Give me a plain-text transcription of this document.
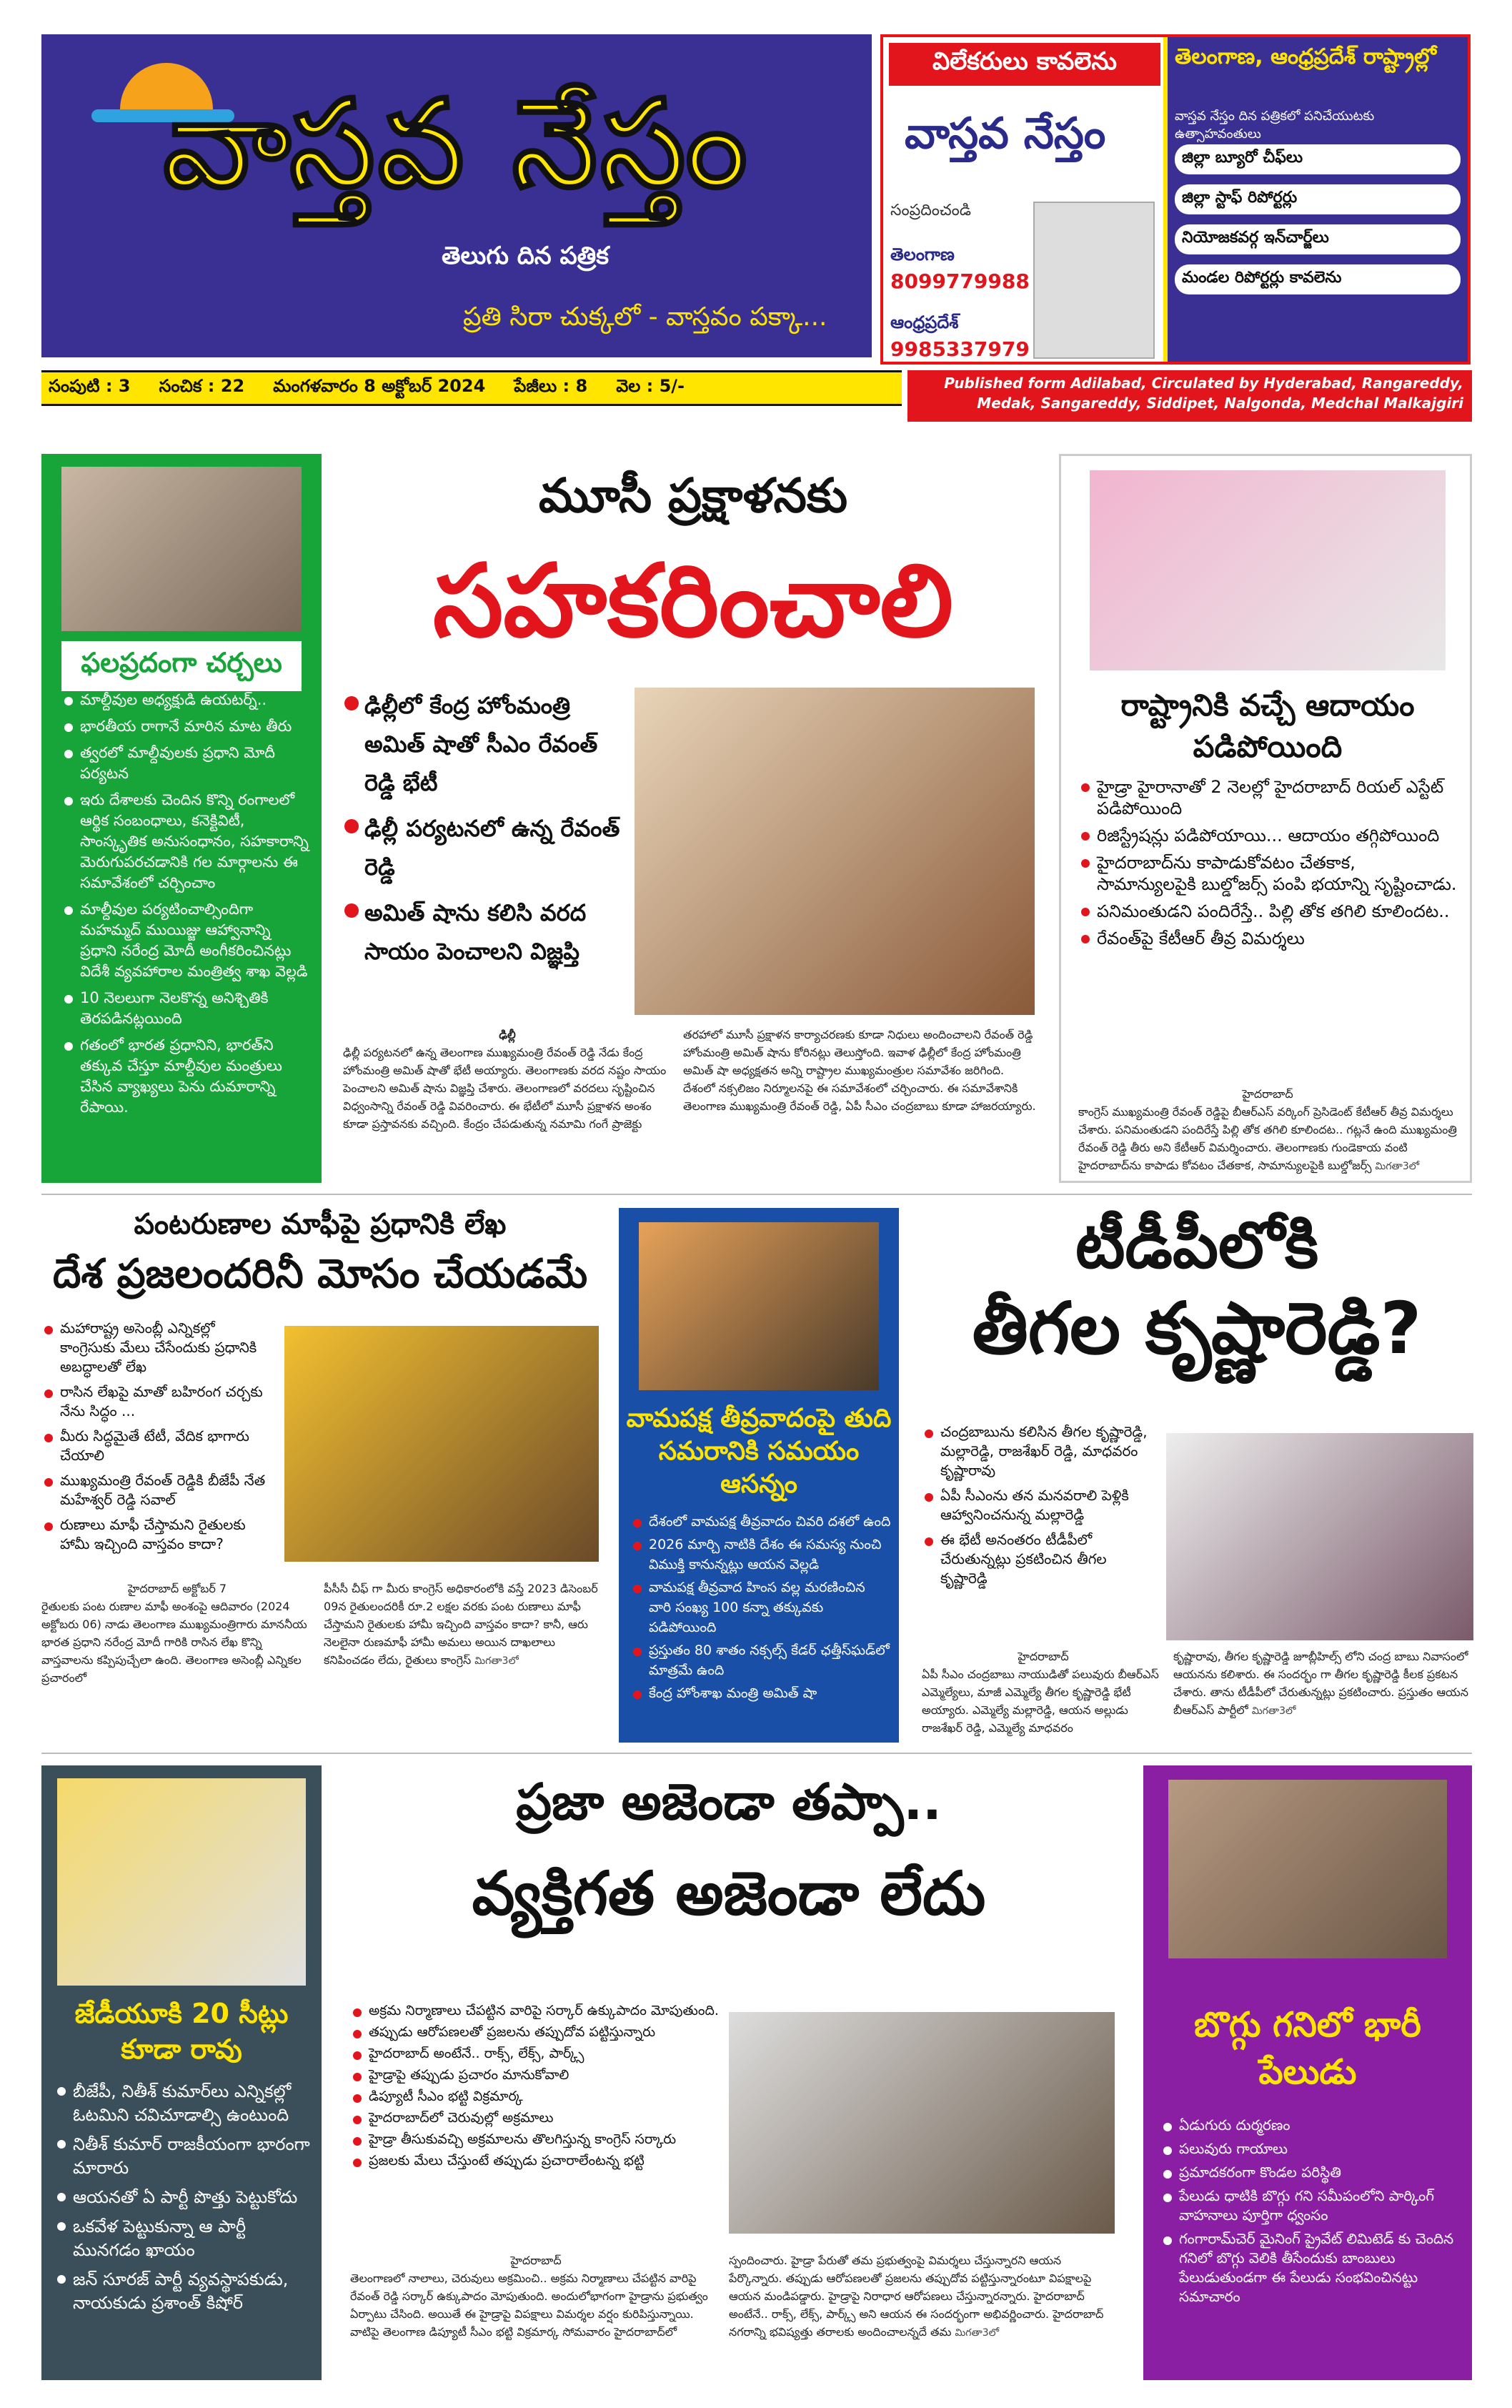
వాస్తవ నేస్తం
తెలుగు దిన పత్రిక
ప్రతి సిరా చుక్కలో - వాస్తవం పక్కా...
విలేకరులు కావలెను
వాస్తవ నేస్తం
సంప్రదించండి
తెలంగాణ
8099779988
ఆంధ్రప్రదేశ్
9985337979
తెలంగాణ, ఆంధ్రప్రదేశ్ రాష్ట్రాల్లో
వాస్తవ నేస్తం దిన పత్రికలో పనిచేయుటకు ఉత్సాహవంతులు
జిల్లా బ్యూరో చీఫ్‌లు
జిల్లా స్టాఫ్ రిపోర్టర్లు
నియోజకవర్గ ఇన్‌చార్జ్‌లు
మండల రిపోర్టర్లు కావలెను
సంపుటి : 3 సంచిక : 22 మంగళవారం 8 అక్టోబర్ 2024 పేజీలు : 8 వెల : 5/-	Published form Adilabad, Circulated by Hyderabad, Rangareddy, Medak, Sangareddy, Siddipet, Nalgonda, Medchal Malkajgiri
ఫలప్రదంగా చర్చలు
మాల్దీవుల అధ్యక్షుడి ఉయటర్న్..
భారతీయ రాగానే మారిన మాట తీరు
త్వరలో మాల్దీవులకు ప్రధాని మోదీ పర్యటన
ఇరు దేశాలకు చెందిన కొన్ని రంగాలలో ఆర్థిక సంబంధాలు, కనెక్టివిటీ, సాంస్కృతిక అనుసంధానం, సహకారాన్ని మెరుగుపరచడానికి గల మార్గాలను ఈ సమావేశంలో చర్చించాం
మాల్దీవుల పర్యటించాల్సిందిగా మహమ్మద్ ముయిజ్జు ఆహ్వానాన్ని ప్రధాని నరేంద్ర మోదీ అంగీకరించినట్లు విదేశీ వ్యవహారాల మంత్రిత్వ శాఖ వెల్లడి
10 నెలలుగా నెలకొన్న అనిశ్చితికి తెరపడినట్లయింది
గతంలో భారత ప్రధానిని, భారత్‌ని తక్కువ చేస్తూ మాల్దీవుల మంత్రులు చేసిన వ్యాఖ్యలు పెను దుమారాన్ని రేపాయి.
మూసీ ప్రక్షాళనకు
సహకరించాలి
ఢిల్లీలో కేంద్ర హోంమంత్రి అమిత్ షాతో సీఎం రేవంత్ రెడ్డి భేటీ
ఢిల్లీ పర్యటనలో ఉన్న రేవంత్ రెడ్డి
అమిత్ షాను కలిసి వరద సాయం పెంచాలని విజ్ఞప్తి
ఢిల్లీ
ఢిల్లీ పర్యటనలో ఉన్న తెలంగాణ ముఖ్యమంత్రి రేవంత్ రెడ్డి నేడు కేంద్ర హోంమంత్రి అమిత్ షాతో భేటీ అయ్యారు. తెలంగాణకు వరద నష్టం సాయం పెంచాలని అమిత్ షాను విజ్ఞప్తి చేశారు. తెలంగాణలో వరదలు సృష్టించిన విధ్వంసాన్ని రేవంత్ రెడ్డి వివరించారు. ఈ భేటీలో మూసీ ప్రక్షాళన అంశం కూడా ప్రస్తావనకు వచ్చింది. కేంద్రం చేపడుతున్న నమామి గంగే ప్రాజెక్టు
తరహాలో మూసీ ప్రక్షాళన కార్యాచరణకు కూడా నిధులు అందించాలని రేవంత్ రెడ్డి హోంమంత్రి అమిత్ షాను కోరినట్లు తెలుస్తోంది. ఇవాళ ఢిల్లీలో కేంద్ర హోంమంత్రి అమిత్ షా అధ్యక్షతన అన్ని రాష్ట్రాల ముఖ్యమంత్రుల సమావేశం జరిగింది. దేశంలో నక్సలిజం నిర్మూలనపై ఈ సమావేశంలో చర్చించారు. ఈ సమావేశానికి తెలంగాణ ముఖ్యమంత్రి రేవంత్ రెడ్డి, ఏపీ సీఎం చంద్రబాబు కూడా హాజరయ్యారు.
రాష్ట్రానికి వచ్చే ఆదాయం పడిపోయింది
హైడ్రా హైరానాతో 2 నెలల్లో హైదరాబాద్ రియల్ ఎస్టేట్ పడిపోయింది
రిజిస్ట్రేషన్లు పడిపోయాయి... ఆదాయం తగ్గిపోయింది
హైదరాబాద్‌ను కాపాడుకోవటం చేతకాక, సామాన్యులపైకి బుల్డోజర్స్ పంపి భయాన్ని సృష్టించాడు.
పనిమంతుడని పందిరేస్తే.. పిల్లి తోక తగిలి కూలిందట..
రేవంత్‌పై కేటీఆర్ తీవ్ర విమర్శలు
హైదరాబాద్
కాంగ్రెస్ ముఖ్యమంత్రి రేవంత్ రెడ్డిపై బీఆర్ఎస్ వర్కింగ్ ప్రెసిడెంట్ కేటీఆర్ తీవ్ర విమర్శలు చేశారు. పనిమంతుడని పందిరేస్తే పిల్లి తోక తగిలి కూలిందట.. గట్లనే ఉంది ముఖ్యమంత్రి రేవంత్ రెడ్డి తీరు అని కేటీఆర్ విమర్శించారు. తెలంగాణకు గుండెకాయ వంటి హైదరాబాద్‌ను కాపాడు కోవటం చేతకాక, సామాన్యులపైకి బుల్డోజర్స్ మిగతా3లో
పంటరుణాల మాఫీపై ప్రధానికి లేఖ
దేశ ప్రజలందరినీ మోసం చేయడమే
మహారాష్ట్ర అసెంబ్లీ ఎన్నికల్లో కాంగ్రెసుకు మేలు చేసేందుకు ప్రధానికి అబద్ధాలతో లేఖ
రాసిన లేఖపై మాతో బహిరంగ చర్చకు నేను సిద్ధం ...
మీరు సిద్ధమైతే టేటీ, వేదిక భాగారు చేయాలి
ముఖ్యమంత్రి రేవంత్ రెడ్డికి బీజేపీ నేత మహేశ్వర్ రెడ్డి సవాల్
రుణాలు మాఫీ చేస్తామని రైతులకు హామీ ఇచ్చింది వాస్తవం కాదా?
హైదరాబాద్ అక్టోబర్ 7
రైతులకు పంట రుణాల మాఫీ అంశంపై ఆదివారం (2024 అక్టోబరు 06) నాడు తెలంగాణ ముఖ్యమంత్రిగారు మాననీయ భారత ప్రధాని నరేంద్ర మోదీ గారికి రాసిన లేఖ కొన్ని వాస్తవాలను కప్పిపుచ్చేలా ఉంది. తెలంగాణ అసెంబ్లీ ఎన్నికల ప్రచారంలో
పీసీసీ చీఫ్ గా మీరు కాంగ్రెస్ అధికారంలోకి వస్తే 2023 డిసెంబర్ 09న రైతులందరికీ రూ.2 లక్షల వరకు పంట రుణాలు మాఫీ చేస్తామని రైతులకు హామీ ఇచ్చింది వాస్తవం కాదా? కానీ, ఆరు నెలలైనా రుణమాఫీ హామీ అమలు అయిన దాఖలాలు కనిపించడం లేదు, రైతులు కాంగ్రెస్ మిగతా3లో
వామపక్ష తీవ్రవాదంపై తుది సమరానికి సమయం ఆసన్నం
దేశంలో వామపక్ష తీవ్రవాదం చివరి దశలో ఉంది
2026 మార్చి నాటికి దేశం ఈ సమస్య నుంచి విముక్తి కానున్నట్లు ఆయన వెల్లడి
వామపక్ష తీవ్రవాద హింస వల్ల మరణించిన వారి సంఖ్య 100 కన్నా తక్కువకు పడిపోయింది
ప్రస్తుతం 80 శాతం నక్సల్స్ కేడర్ ఛత్తీస్‌ఘడ్‌లో మాత్రమే ఉంది
కేంద్ర హోంశాఖ మంత్రి అమిత్ షా
టీడీపీలోకి
తీగల కృష్ణారెడ్డి?
చంద్రబాబును కలిసిన తీగల కృష్ణారెడ్డి, మల్లారెడ్డి, రాజశేఖర్ రెడ్డి, మాధవరం కృష్ణారావు
ఏపీ సీఎంను తన మనవరాలి పెళ్లికి ఆహ్వానించనున్న మల్లారెడ్డి
ఈ భేటీ అనంతరం టీడీపీలో చేరుతున్నట్లు ప్రకటించిన తీగల కృష్ణారెడ్డి
హైదరాబాద్
ఏపీ సీఎం చంద్రబాబు నాయుడితో పలువురు బీఆర్ఎస్ ఎమ్మెల్యేలు, మాజీ ఎమ్మెల్యే తీగల కృష్ణారెడ్డి భేటీ అయ్యారు. ఎమ్మెల్యే మల్లారెడ్డి, ఆయన అల్లుడు రాజశేఖర్ రెడ్డి, ఎమ్మెల్యే మాధవరం
కృష్ణారావు, తీగల కృష్ణారెడ్డి జూబ్లీహిల్స్ లోని చంద్ర బాబు నివాసంలో ఆయనను కలిశారు. ఈ సందర్భం గా తీగల కృష్ణారెడ్డి కీలక ప్రకటన చేశారు. తాను టీడీపీలో చేరుతున్నట్లు ప్రకటించారు. ప్రస్తుతం ఆయన బీఆర్ఎస్ పార్టీలో మిగతా3లో
జేడీయూకి 20 సీట్లు కూడా రావు
బీజేపీ, నితీశ్ కుమార్‌లు ఎన్నికల్లో ఓటమిని చవిచూడాల్సి ఉంటుంది
నితీశ్ కుమార్ రాజకీయంగా భారంగా మారారు
ఆయనతో ఏ పార్టీ పొత్తు పెట్టుకోదు
ఒకవేళ పెట్టుకున్నా ఆ పార్టీ మునగడం ఖాయం
జన్ సూరజ్ పార్టీ వ్యవస్థాపకుడు, నాయకుడు ప్రశాంత్ కిషోర్
ప్రజా అజెండా తప్పా..
వ్యక్తిగత అజెండా లేదు
అక్రమ నిర్మాణాలు చేపట్టిన వారిపై సర్కార్ ఉక్కుపాదం మోపుతుంది.
తప్పుడు ఆరోపణలతో ప్రజలను తప్పుదోవ పట్టిస్తున్నారు
హైదరాబాద్ అంటేనే.. రాక్స్, లేక్స్, పార్క్స్
హైడ్రాపై తప్పుడు ప్రచారం మానుకోవాలి
డిప్యూటీ సీఎం భట్టి విక్రమార్క
హైదరాబాద్‌లో చెరువుల్లో అక్రమాలు
హైడ్రా తీసుకువచ్చి అక్రమాలను తొలగిస్తున్న కాంగ్రెస్ సర్కారు
ప్రజలకు మేలు చేస్తుంటే తప్పుడు ప్రచారాలేంటన్న భట్టి
హైదరాబాద్
తెలంగాణలో నాలాలు, చెరువులు అక్రమించి.. అక్రమ నిర్మాణాలు చేపట్టిన వారిపై రేవంత్ రెడ్డి సర్కార్ ఉక్కుపాదం మోపుతుంది. అందులోభాగంగా హైడ్రాను ప్రభుత్వం ఏర్పాటు చేసింది. అయితే ఈ హైడ్రాపై విపక్షాలు విమర్శల వర్షం కురిపిస్తున్నాయి. వాటిపై తెలంగాణ డిప్యూటీ సీఎం భట్టి విక్రమార్క సోమవారం హైదరాబాద్‌లో
స్పందించారు. హైడ్రా పేరుతో తమ ప్రభుత్వంపై విమర్శలు చేస్తున్నారని ఆయన పేర్కొన్నారు. తప్పుడు ఆరోపణలతో ప్రజలను తప్పుదోవ పట్టిస్తున్నారంటూ విపక్షాలపై ఆయన మండిపడ్డారు. హైడ్రాపై నిరాధార ఆరోపణలు చేస్తున్నారన్నారు. హైదరాబాద్ అంటేనే.. రాక్స్, లేక్స్, పార్క్స్ అని ఆయన ఈ సందర్భంగా అభివర్ణించారు. హైదరాబాద్ నగరాన్ని భవిష్యత్తు తరాలకు అందించాలన్నదే తమ మిగతా3లో
బొగ్గు గనిలో భారీ పేలుడు
ఏడుగురు దుర్మరణం
పలువురు గాయాలు
ప్రమాదకరంగా కొండల పరిస్థితి
పేలుడు ధాటికి బొగ్గు గని సమీపంలోని పార్కింగ్ వాహనాలు పూర్తిగా ధ్వంసం
గంగారామ్‌చెర్ మైనింగ్ ప్రైవేట్ లిమిటెడ్ కు చెందిన గనిలో బొగ్గు వెలికి తీసేందుకు బాంబులు పేలుడుతుండగా ఈ పేలుడు సంభవించినట్టు సమాచారం
